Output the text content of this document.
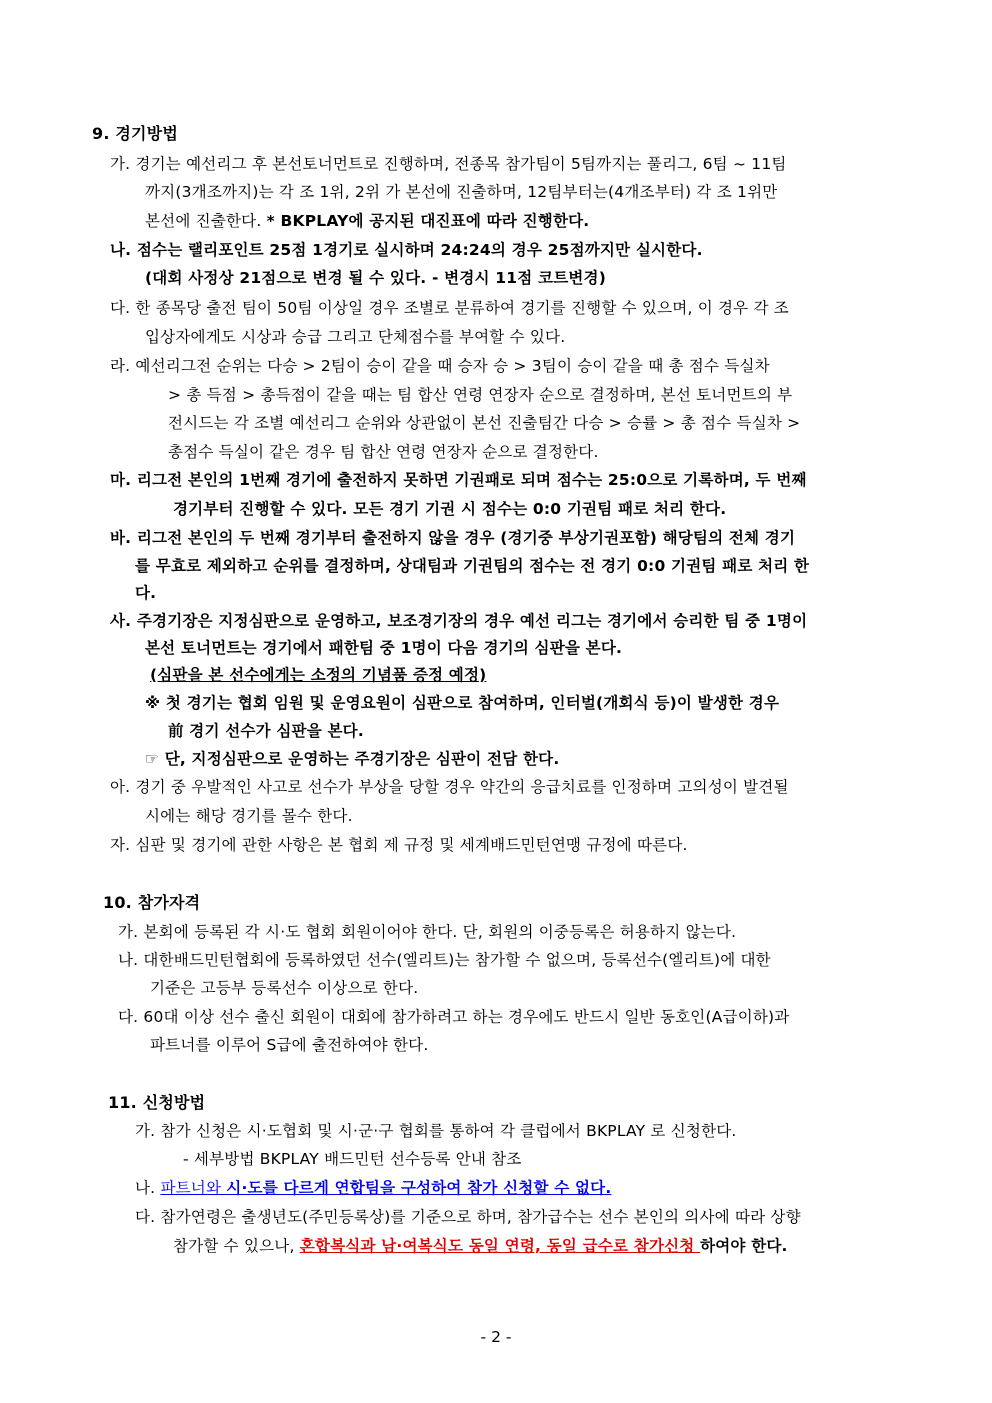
9. 경기방법
가. 경기는 예선리그 후 본선토너먼트로 진행하며, 전종목 참가팀이 5팀까지는 풀리그, 6팀 ~ 11팀
까지(3개조까지)는 각 조 1위, 2위 가 본선에 진출하며, 12팀부터는(4개조부터) 각 조 1위만
본선에 진출한다. * BKPLAY에 공지된 대진표에 따라 진행한다.
나. 점수는 랠리포인트 25점 1경기로 실시하며 24:24의 경우 25점까지만 실시한다.
(대회 사정상 21점으로 변경 될 수 있다. - 변경시 11점 코트변경)
다. 한 종목당 출전 팀이 50팀 이상일 경우 조별로 분류하여 경기를 진행할 수 있으며, 이 경우 각 조
입상자에게도 시상과 승급 그리고 단체점수를 부여할 수 있다.
라. 예선리그전 순위는 다승 > 2팀이 승이 같을 때 승자 승 > 3팀이 승이 같을 때 총 점수 득실차
> 총 득점 > 총득점이 같을 때는 팀 합산 연령 연장자 순으로 결정하며, 본선 토너먼트의 부
전시드는 각 조별 예선리그 순위와 상관없이 본선 진출팀간 다승 > 승률 > 총 점수 득실차 >
총점수 득실이 같은 경우 팀 합산 연령 연장자 순으로 결정한다.
마. 리그전 본인의 1번째 경기에 출전하지 못하면 기권패로 되며 점수는 25:0으로 기록하며, 두 번째
경기부터 진행할 수 있다. 모든 경기 기권 시 점수는 0:0 기권팀 패로 처리 한다.
바. 리그전 본인의 두 번째 경기부터 출전하지 않을 경우 (경기중 부상기권포함) 해당팀의 전체 경기
를 무효로 제외하고 순위를 결정하며, 상대팀과 기권팀의 점수는 전 경기 0:0 기권팀 패로 처리 한
다.
사. 주경기장은 지정심판으로 운영하고, 보조경기장의 경우 예선 리그는 경기에서 승리한 팀 중 1명이
본선 토너먼트는 경기에서 패한팀 중 1명이 다음 경기의 심판을 본다.
(심판을 본 선수에게는 소정의 기념품 증정 예정)
※ 첫 경기는 협회 임원 및 운영요원이 심판으로 참여하며, 인터벌(개회식 등)이 발생한 경우
前 경기 선수가 심판을 본다.
☞ 단, 지정심판으로 운영하는 주경기장은 심판이 전담 한다.
아. 경기 중 우발적인 사고로 선수가 부상을 당할 경우 약간의 응급치료를 인정하며 고의성이 발견될
시에는 해당 경기를 몰수 한다.
자. 심판 및 경기에 관한 사항은 본 협회 제 규정 및 세계배드민턴연맹 규정에 따른다.
10. 참가자격
가. 본회에 등록된 각 시·도 협회 회원이어야 한다. 단, 회원의 이중등록은 허용하지 않는다.
나. 대한배드민턴협회에 등록하였던 선수(엘리트)는 참가할 수 없으며, 등록선수(엘리트)에 대한
기준은 고등부 등록선수 이상으로 한다.
다. 60대 이상 선수 출신 회원이 대회에 참가하려고 하는 경우에도 반드시 일반 동호인(A급이하)과
파트너를 이루어 S급에 출전하여야 한다.
11. 신청방법
가. 참가 신청은 시·도협회 및 시·군·구 협회를 통하여 각 클럽에서 BKPLAY 로 신청한다.
- 세부방법 BKPLAY 배드민턴 선수등록 안내 참조
나. 파트너와 시·도를 다르게 연합팀을 구성하여 참가 신청할 수 없다.
다. 참가연령은 출생년도(주민등록상)를 기준으로 하며, 참가급수는 선수 본인의 의사에 따라 상향
참가할 수 있으나, 혼합복식과 남·여복식도 동일 연령, 동일 급수로 참가신청 하여야 한다.
- 2 -
